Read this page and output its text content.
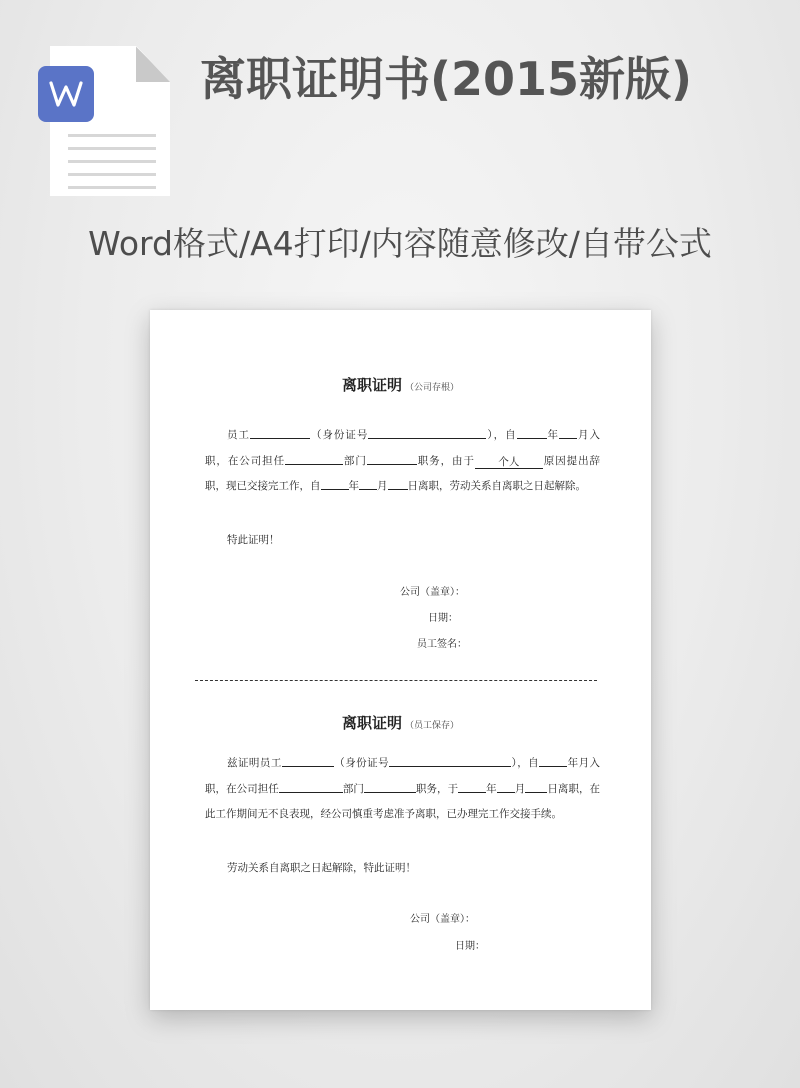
离职证明书(2015新版)
Word格式/A4打印/内容随意修改/自带公式
离职证明 （公司存根）
员工	（身份证号	），自	年 月入职，在公司担任	部门	职务，由于 个人 原因提出辞职，现已交接完工作，自	年 月 日离职，劳动关系自离职之日起解除。
特此证明！
公司（盖章）：
日期：
员工签名：
离职证明 （员工保存）
兹证明员工	（身份证号	），自	年月入职，在公司担任	部门	职务，于	年 月 日离职，在此工作期间无不良表现，经公司慎重考虑准予离职，已办理完工作交接手续。
劳动关系自离职之日起解除，特此证明！
公司（盖章）：
日期：
